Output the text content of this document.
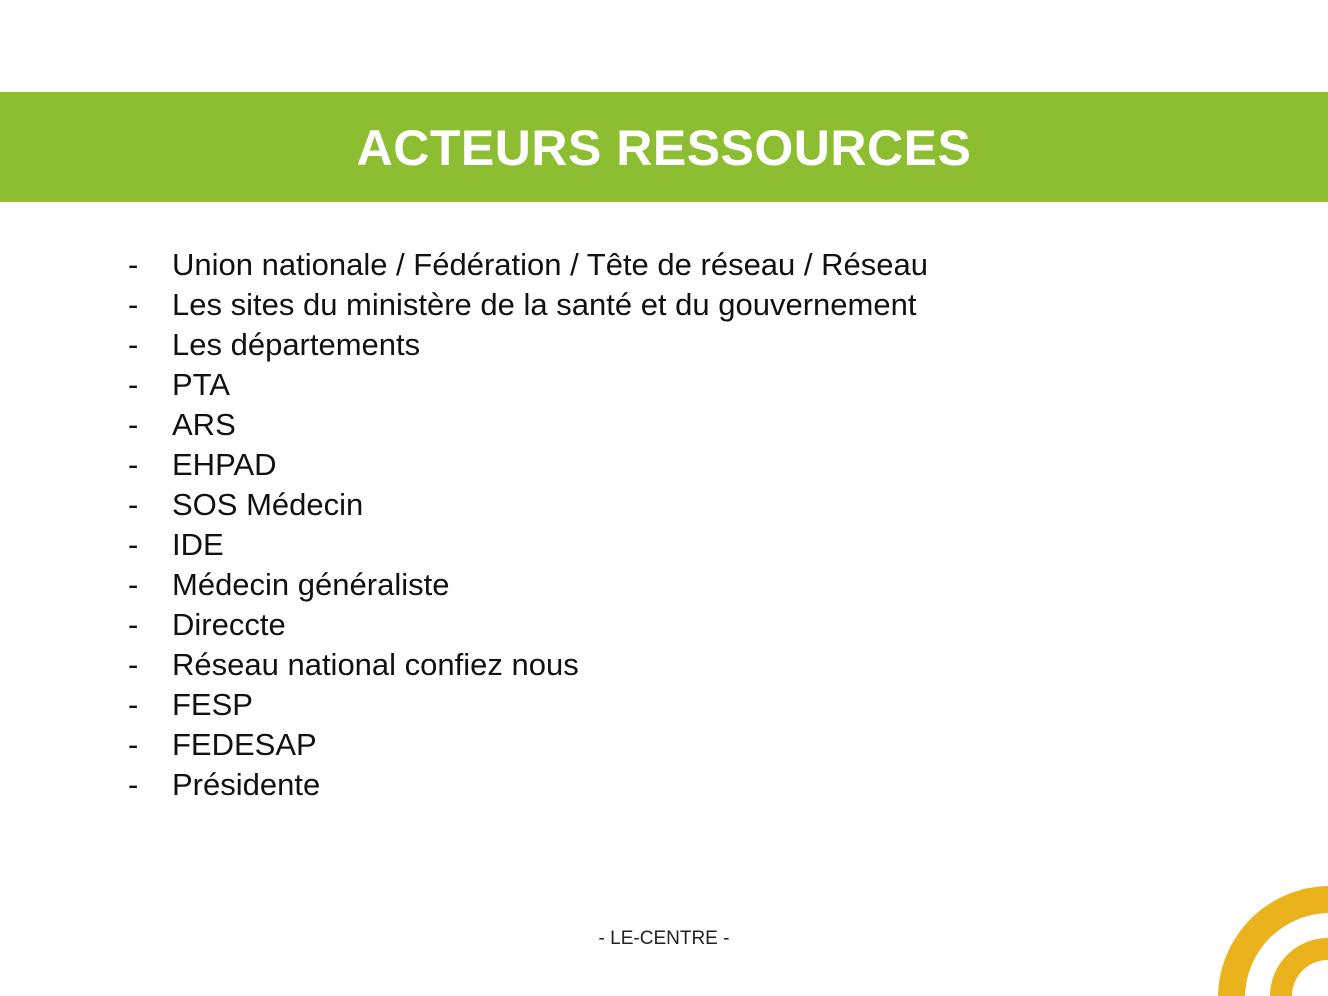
ACTEURS RESSOURCES
-	Union nationale / Fédération / Tête de réseau / Réseau
-	Les sites du ministère de la santé et du gouvernement
-	Les départements
-	PTA
-	ARS
-	EHPAD
-	SOS Médecin
-	IDE
-	Médecin généraliste
-	Direccte
-	Réseau national confiez nous
-	FESP
-	FEDESAP
-	Présidente
- LE-CENTRE -
